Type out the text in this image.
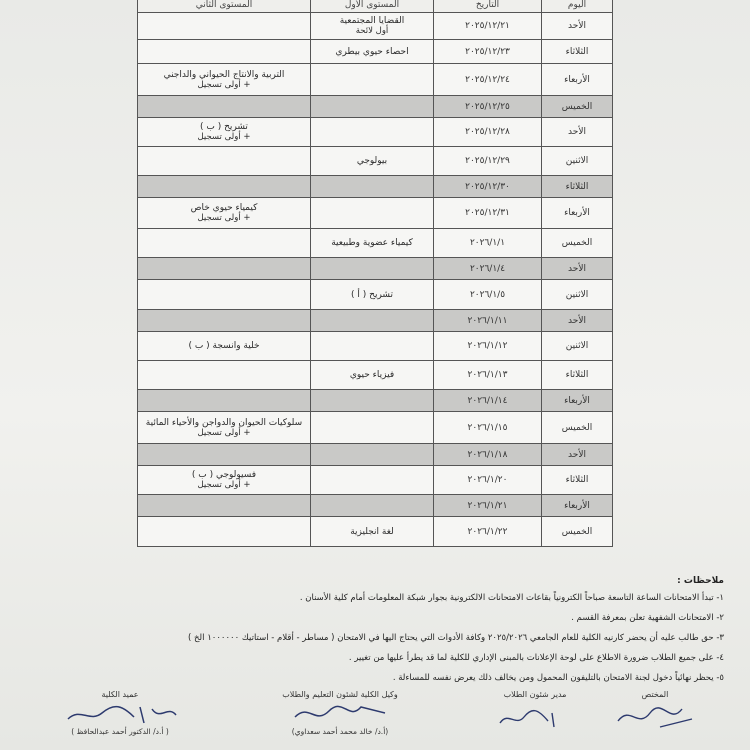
اليوم	التاريخ	المستوى الأول	المستوى الثاني
الأحد	٢٠٢٥/١٢/٢١	القضايا المجتمعية
أول لائحة	

الثلاثاء	٢٠٢٥/١٢/٢٣	احصاء حيوي بيطري	
الأربعاء	٢٠٢٥/١٢/٢٤		التربية والانتاج الحيواني والداجني
+ أولى تسجيل

الخميس	٢٠٢٥/١٢/٢٥		
الأحد	٢٠٢٥/١٢/٢٨		تشريح ( ب )
+ أولى تسجيل

الاثنين	٢٠٢٥/١٢/٢٩	بيولوجي	
الثلاثاء	٢٠٢٥/١٢/٣٠		
الأربعاء	٢٠٢٥/١٢/٣١		كيمياء حيوي خاص
+ أولى تسجيل

الخميس	٢٠٢٦/١/١	كيمياء عضوية وطبيعية	
الأحد	٢٠٢٦/١/٤		
الاثنين	٢٠٢٦/١/٥	تشريح ( أ )	
الأحد	٢٠٢٦/١/١١		
الاثنين	٢٠٢٦/١/١٢		خلية وانسجة ( ب )
الثلاثاء	٢٠٢٦/١/١٣	فيزياء حيوي	
الأربعاء	٢٠٢٦/١/١٤		
الخميس	٢٠٢٦/١/١٥		سلوكيات الحيوان والدواجن والأحياء المائية
+ أولى تسجيل

الأحد	٢٠٢٦/١/١٨		
الثلاثاء	٢٠٢٦/١/٢٠		فسيولوجي ( ب )
+ أولى تسجيل

الأربعاء	٢٠٢٦/١/٢١		
الخميس	٢٠٢٦/١/٢٢	لغة انجليزية	

ملاحظات :

١- تبدأ الامتحانات الساعة التاسعة صباحاً الكترونياً بقاعات الامتحانات الالكترونية بجوار شبكة المعلومات أمام كلية الأسنان .

٢- الامتحانات الشفهية تعلن بمعرفة القسم .

٣- حق طالب عليه أن يحضر كارنيه الكلية للعام الجامعي ٢٠٢٥/٢٠٢٦ وكافة الأدوات التي يحتاج اليها في الامتحان ( مساطر - أقلام - استاتيك ١٠٠٠٠٠٠ الخ )

٤- على جميع الطلاب ضرورة الاطلاع على لوحة الإعلانات بالمبنى الإداري للكلية لما قد يطرأ عليها من تغيير .

٥- يحظر نهائياً دخول لجنة الامتحان بالتليفون المحمول ومن يخالف ذلك يعرض نفسه للمساءلة .

المختص
مدير شئون الطلاب
وكيل الكلية لشئون التعليم والطلاب
(أ.د/ خالد محمد أحمد سعداوي)
عميد الكلية
( أ.د/ الدكتور أحمد عبدالحافظ )
